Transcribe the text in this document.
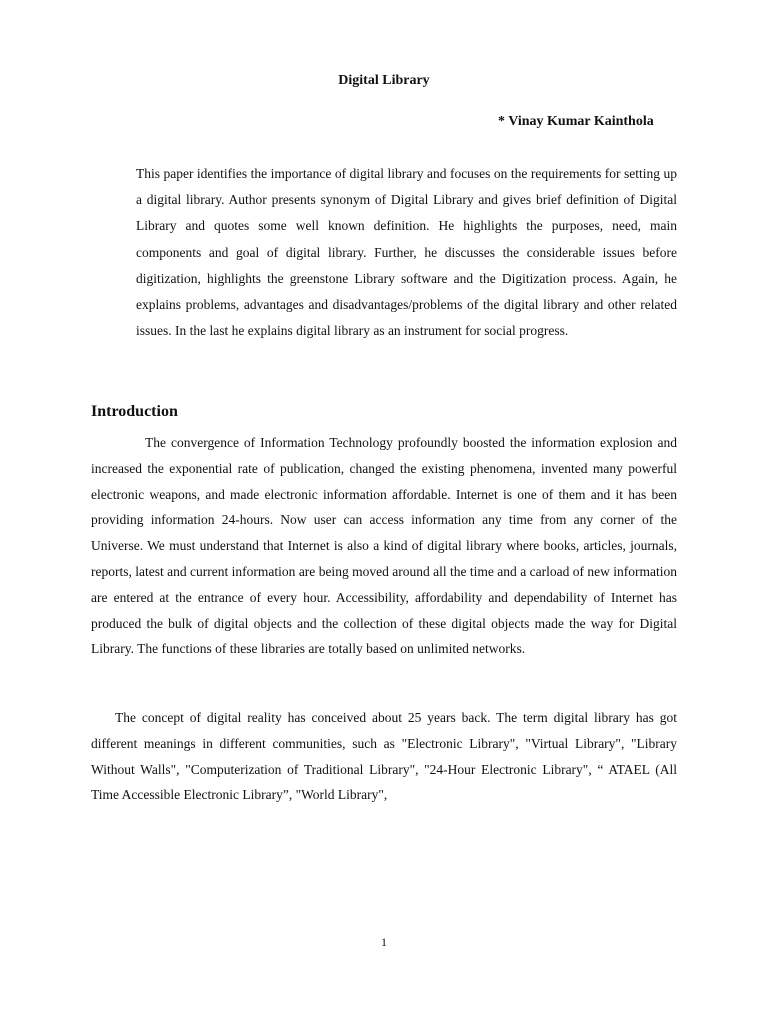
Digital Library
* Vinay Kumar Kainthola

This paper identifies the importance of digital library and focuses on the requirements for setting up a digital library. Author presents synonym of Digital Library and gives brief definition of Digital Library and quotes some well known definition. He highlights the purposes, need, main components and goal of digital library. Further, he discusses the considerable issues before digitization, highlights the greenstone Library software and the Digitization process. Again, he explains problems, advantages and disadvantages/problems of the digital library and other related issues. In the last he explains digital library as an instrument for social progress.

Introduction

The convergence of Information Technology profoundly boosted the information explosion and increased the exponential rate of publication, changed the existing phenomena, invented many powerful electronic weapons, and made electronic information affordable. Internet is one of them and it has been providing information 24-hours. Now user can access information any time from any corner of the Universe. We must understand that Internet is also a kind of digital library where books, articles, journals, reports, latest and current information are being moved around all the time and a carload of new information are entered at the entrance of every hour. Accessibility, affordability and dependability of Internet has produced the bulk of digital objects and the collection of these digital objects made the way for Digital Library. The functions of these libraries are totally based on unlimited networks.

The concept of digital reality has conceived about 25 years back. The term digital library has got different meanings in different communities, such as "Electronic Library", "Virtual Library", "Library Without Walls", "Computerization of Traditional Library", "24-Hour Electronic Library", “ ATAEL (All Time Accessible Electronic Library”, "World Library",

1
